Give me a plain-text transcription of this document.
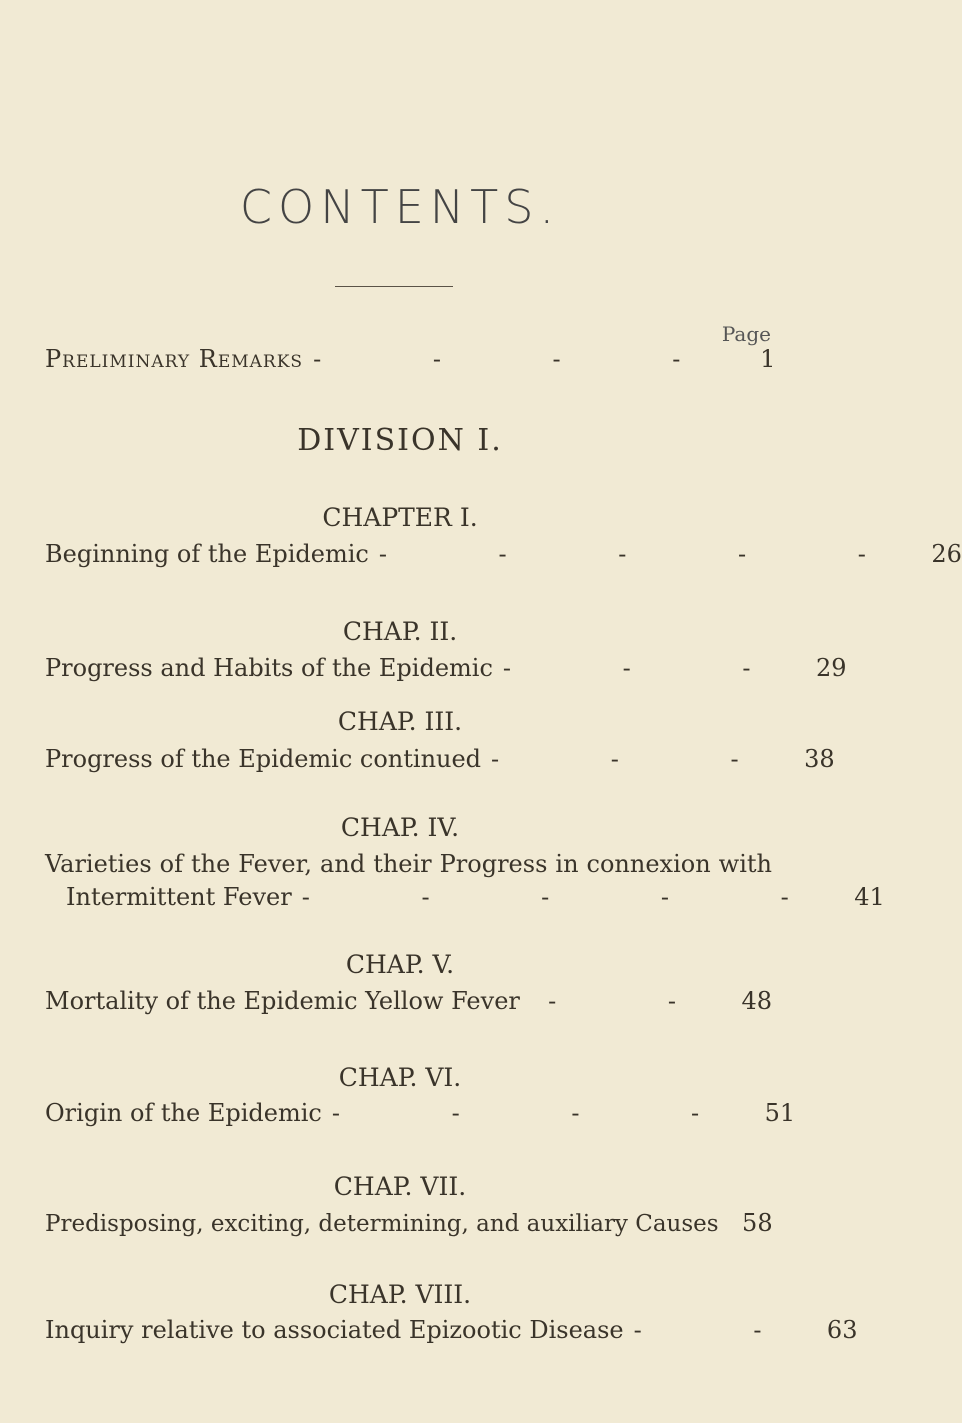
CONTENTS.
Page
Preliminary Remarks - - - -	1
DIVISION I.
CHAPTER I.
Beginning of the Epidemic - - - - - 26
CHAP. II.
Progress and Habits of the Epidemic - - - 29
CHAP. III.
Progress of the Epidemic continued - - - 38
CHAP. IV.
Varieties of the Fever, and their Progress in connexion with
Intermittent Fever - - - - - 41
CHAP. V.
Mortality of the Epidemic Yellow Fever	- - 48
CHAP. VI.
Origin of the Epidemic - - - - 51
CHAP. VII.
Predisposing, exciting, determining, and auxiliary Causes 58
CHAP. VIII.
Inquiry relative to associated Epizootic Disease - - 63
